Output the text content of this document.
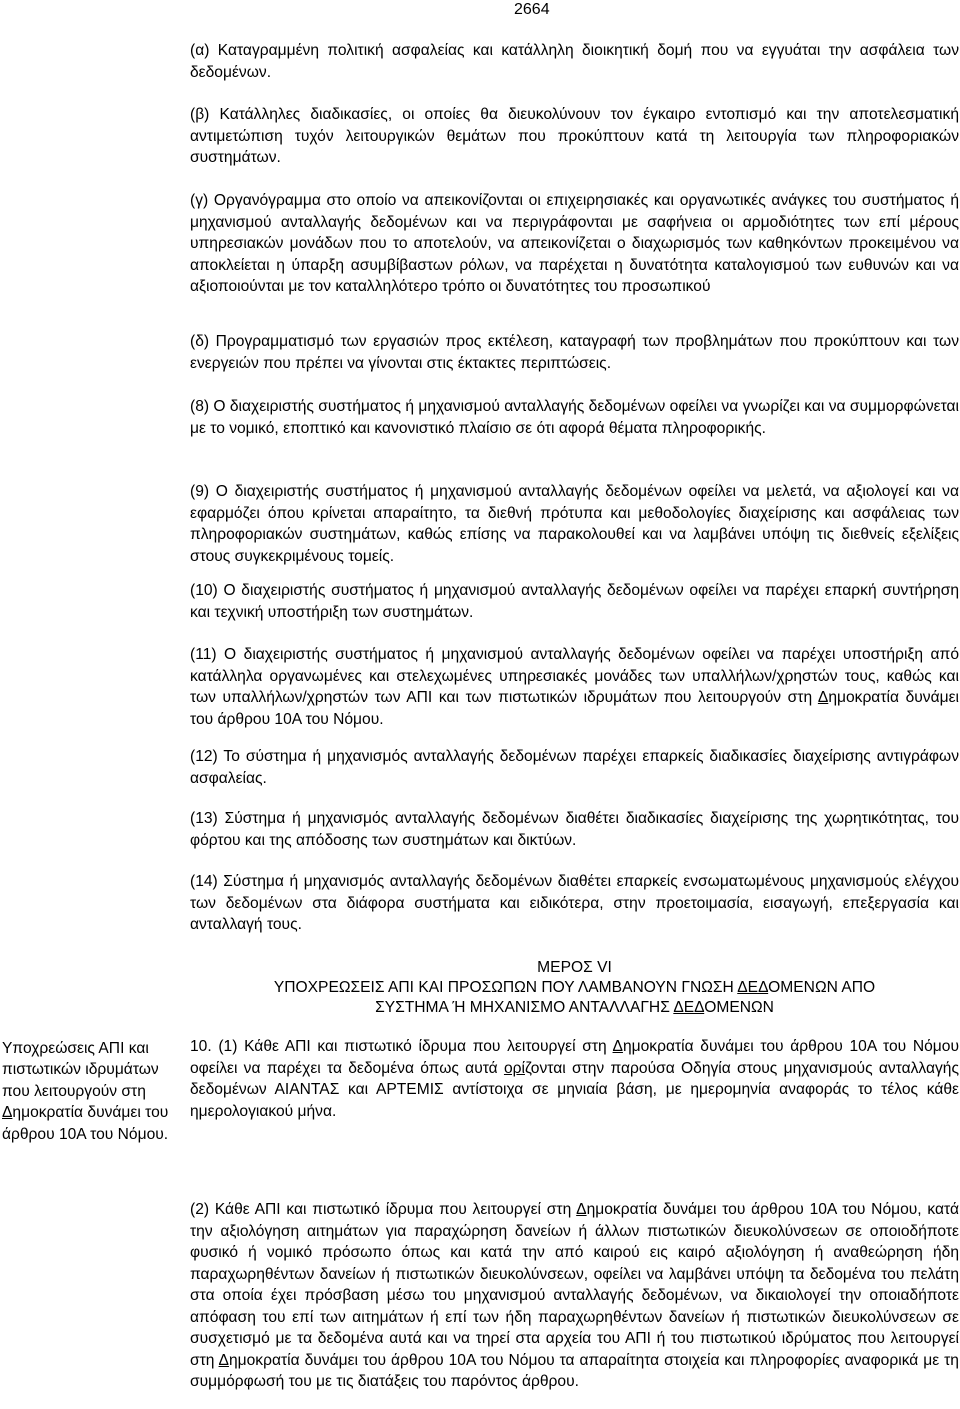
2664

(α) Καταγραμμένη πολιτική ασφαλείας και κατάλληλη διοικητική δομή που να εγγυάται την ασφάλεια των δεδομένων.

(β) Κατάλληλες διαδικασίες, οι οποίες θα διευκολύνουν τον έγκαιρο εντοπισμό και την αποτελεσματική αντιμετώπιση τυχόν λειτουργικών θεμάτων που προκύπτουν κατά τη λειτουργία των πληροφοριακών συστημάτων.

(γ) Οργανόγραμμα στο οποίο να απεικονίζονται οι επιχειρησιακές και οργανωτικές ανάγκες του συστήματος ή μηχανισμού ανταλλαγής δεδομένων και να περιγράφονται με σαφήνεια οι αρμοδιότητες των επί μέρους υπηρεσιακών μονάδων που το αποτελούν, να απεικονίζεται ο διαχωρισμός των καθηκόντων προκειμένου να αποκλείεται η ύπαρξη ασυμβίβαστων ρόλων, να παρέχεται η δυνατότητα καταλογισμού των ευθυνών και να αξιοποιούνται με τον καταλληλότερο τρόπο οι δυνατότητες του προσωπικού

(δ) Προγραμματισμό των εργασιών προς εκτέλεση, καταγραφή των προβλημάτων που προκύπτουν και των ενεργειών που πρέπει να γίνονται στις έκτακτες περιπτώσεις.

(8) Ο διαχειριστής συστήματος ή μηχανισμού ανταλλαγής δεδομένων οφείλει να γνωρίζει και να συμμορφώνεται με το νομικό, εποπτικό και κανονιστικό πλαίσιο σε ότι αφορά θέματα πληροφορικής.

(9) Ο διαχειριστής συστήματος ή μηχανισμού ανταλλαγής δεδομένων οφείλει να μελετά, να αξιολογεί και να εφαρμόζει όπου κρίνεται απαραίτητο, τα διεθνή πρότυπα και μεθοδολογίες διαχείρισης και ασφάλειας των πληροφοριακών συστημάτων, καθώς επίσης να παρακολουθεί και να λαμβάνει υπόψη τις διεθνείς εξελίξεις στους συγκεκριμένους τομείς.

(10) Ο διαχειριστής συστήματος ή μηχανισμού ανταλλαγής δεδομένων οφείλει να παρέχει επαρκή συντήρηση και τεχνική υποστήριξη των συστημάτων.

(11) Ο διαχειριστής συστήματος ή μηχανισμού ανταλλαγής δεδομένων οφείλει να παρέχει υποστήριξη από κατάλληλα οργανωμένες και στελεχωμένες υπηρεσιακές μονάδες των υπαλλήλων/χρηστών τους, καθώς και των υπαλλήλων/χρηστών των ΑΠΙ και των πιστωτικών ιδρυμάτων που λειτουργούν στη Δημοκρατία δυνάμει του άρθρου 10Α του Νόμου.

(12) Το σύστημα ή μηχανισμός ανταλλαγής δεδομένων παρέχει επαρκείς διαδικασίες διαχείρισης αντιγράφων ασφαλείας.

(13) Σύστημα ή μηχανισμός ανταλλαγής δεδομένων διαθέτει διαδικασίες διαχείρισης της χωρητικότητας, του φόρτου και της απόδοσης των συστημάτων και δικτύων.

(14) Σύστημα ή μηχανισμός ανταλλαγής δεδομένων διαθέτει επαρκείς ενσωματωμένους μηχανισμούς ελέγχου των δεδομένων στα διάφορα συστήματα και ειδικότερα, στην προετοιμασία, εισαγωγή, επεξεργασία και ανταλλαγή τους.

ΜΕΡΟΣ VI
ΥΠΟΧΡΕΩΣΕΙΣ ΑΠΙ ΚΑΙ ΠΡΟΣΩΠΩΝ ΠΟΥ ΛΑΜΒΑΝΟΥΝ ΓΝΩΣΗ ΔΕΔΟΜΕΝΩΝ ΑΠΟ
ΣΥΣΤΗΜΑ Ή ΜΗΧΑΝΙΣΜΟ ΑΝΤΑΛΛΑΓΗΣ ΔΕΔΟΜΕΝΩΝ
Υποχρεώσεις ΑΠΙ και πιστωτικών ιδρυμάτων που λειτουργούν στη Δημοκρατία δυνάμει του άρθρου 10Α του Νόμου.

10. (1) Κάθε ΑΠΙ και πιστωτικό ίδρυμα που λειτουργεί στη Δημοκρατία δυνάμει του άρθρου 10Α του Νόμου οφείλει να παρέχει τα δεδομένα όπως αυτά ορίζονται στην παρούσα Οδηγία στους μηχανισμούς ανταλλαγής δεδομένων ΑΙΑΝΤΑΣ και ΑΡΤΕΜΙΣ αντίστοιχα σε μηνιαία βάση, με ημερομηνία αναφοράς το τέλος κάθε ημερολογιακού μήνα.

(2) Κάθε ΑΠΙ και πιστωτικό ίδρυμα που λειτουργεί στη Δημοκρατία δυνάμει του άρθρου 10Α του Νόμου, κατά την αξιολόγηση αιτημάτων για παραχώρηση δανείων ή άλλων πιστωτικών διευκολύνσεων σε οποιοδήποτε φυσικό ή νομικό πρόσωπο όπως και κατά την από καιρού εις καιρό αξιολόγηση ή αναθεώρηση ήδη παραχωρηθέντων δανείων ή πιστωτικών διευκολύνσεων, οφείλει να λαμβάνει υπόψη τα δεδομένα του πελάτη στα οποία έχει πρόσβαση μέσω του μηχανισμού ανταλλαγής δεδομένων, να δικαιολογεί την οποιαδήποτε απόφαση του επί των αιτημάτων ή επί των ήδη παραχωρηθέντων δανείων ή πιστωτικών διευκολύνσεων σε συσχετισμό με τα δεδομένα αυτά και να τηρεί στα αρχεία του ΑΠΙ ή του πιστωτικού ιδρύματος που λειτουργεί στη Δημοκρατία δυνάμει του άρθρου 10Α του Νόμου τα απαραίτητα στοιχεία και πληροφορίες αναφορικά με τη συμμόρφωσή του με τις διατάξεις του παρόντος άρθρου.
